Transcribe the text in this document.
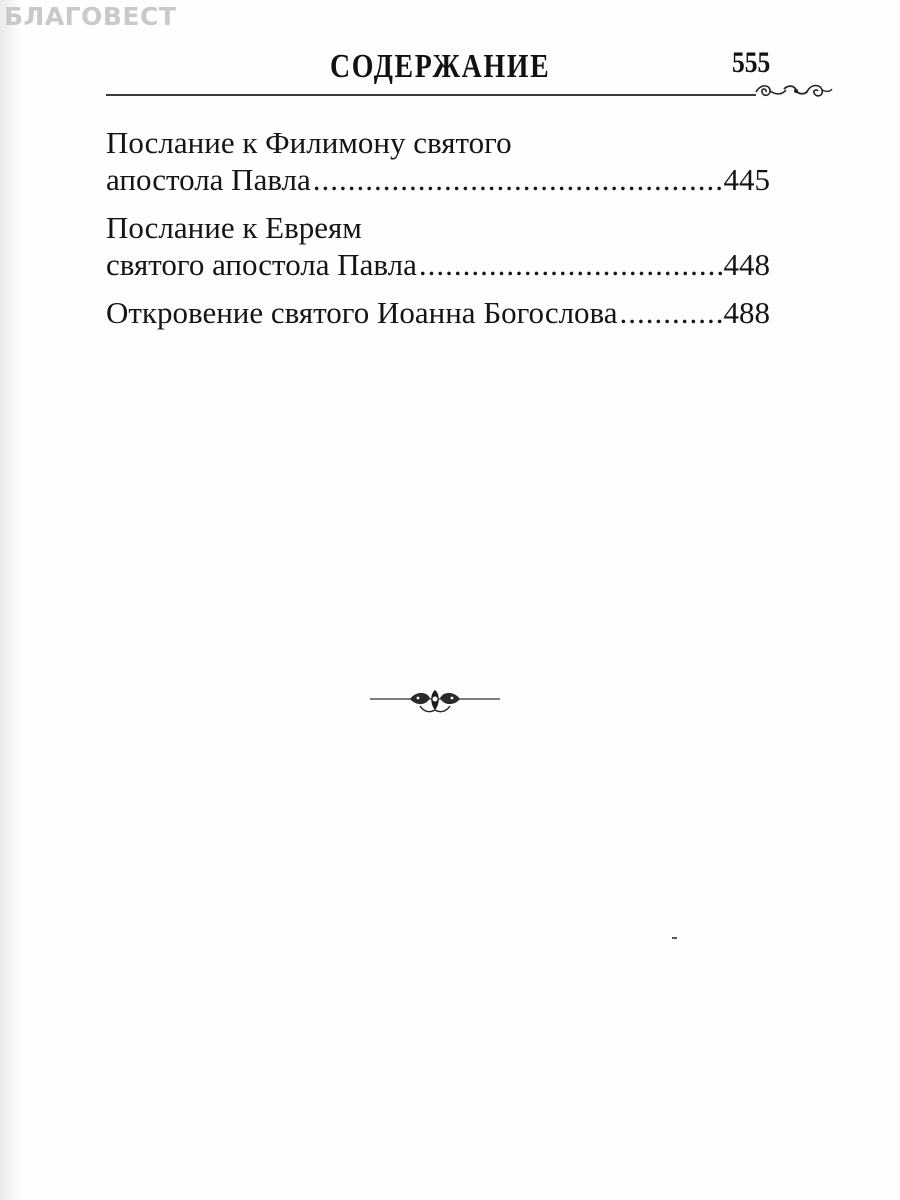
БЛАГОВЕСТ
СОДЕРЖАНИЕ	555
Послание к Филимону святого
апостола Павла .....	445
Послание к Евреям
святого апостола Павла .....	448
Откровение святого Иоанна Богослова .....	488
